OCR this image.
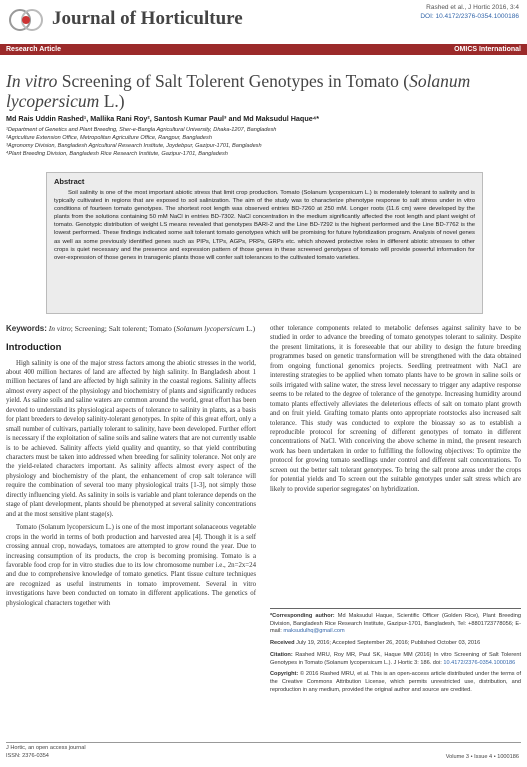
Journal of Horticulture
Rashed et al., J Hortic 2016, 3:4
DOI: 10.4172/2376-0354.1000186
Research Article	OMICS International
In vitro Screening of Salt Tolerent Genotypes in Tomato (Solanum lycopersicum L.)
Md Rais Uddin Rashed¹, Mallika Rani Roy², Santosh Kumar Paul³ and Md Maksudul Haque⁴*
¹Department of Genetics and Plant Breeding, Sher-e-Bangla Agricultural University, Dhaka-1207, Bangladesh
²Agriculture Extension Office, Metropolitan Agriculture Office, Rangpur, Bangladesh
³Agronomy Division, Bangladesh Agricultural Research Institute, Joydebpur, Gazipur-1701, Bangladesh
⁴Plant Breeding Division, Bangladesh Rice Research Institute, Gazipur-1701, Bangladesh
Abstract

Soil salinity is one of the most important abiotic stress that limit crop production. Tomato (Solanum lycopersicum L.) is moderately tolerant to salinity and is typically cultivated in regions that are exposed to soil salinization. The aim of the study was to characterize phenotype response to salt stress under in vitro conditions of fourteen tomato genotypes. The shortest root length was observed entries BD-7260 at 250 mM. Longer roots (11.6 cm) were developed by the plants from the solutions containing 50 mM NaCl in entries BD-7302. NaCl concentration in the medium significantly affected the root length and plant weight of tomato. Genotypic distribution of weight LS means revealed that genotypes BARI-2 and the Line BD-7292 is the highest performed and the Line BD-7762 is the lowest performed. These findings indicated some salt tolerant tomato genotypes which will be promising for future hybridization program. Analysis of novel genes as well as some previously identified genes such as PIPs, LTPs, AGPs, PRPs, GRPs etc. which showed protective roles in different abiotic stresses to other crops is quiet necessary and the presence and expression pattern of those genes in these screened genotypes of tomato will provide powerful information for over-expression of those genes in transgenic plants those will confer salt tolerances to the cultivated tomato varieties.

Keywords: In vitro; Screening; Salt tolerent; Tomato (Solanum lycopersicum L.)
Introduction

High salinity is one of the major stress factors among the abiotic stresses in the world, about 400 million hectares of land are affected by high salinity. In Bangladesh about 1 million hectares of land are affected by high salinity in the coastal regions. Salinity affects almost every aspect of the physiology and biochemistry of plants and significantly reduces yield. As saline soils and saline waters are common around the world, great effort has been devoted to understand its physiological aspects of tolerance to salinity in plants, as a basis for plant breeders to develop salinity-tolerant genotypes. In spite of this great effort, only a small number of cultivars, partially tolerant to salinity, have been developed. Further effort is necessary if the exploitation of saline soils and saline waters that are not currently usable is to be achieved. Salinity affects yield quality and quantity, so that yield contributing characters must be taken into addressed when breeding for salinity tolerance. Not only are the yield-related characters important. As salinity affects almost every aspect of the physiology and biochemistry of the plant, the enhancement of crop salt tolerance will require the combination of several too many physiological traits [1-3], not simply those directly influencing yield. As salinity in soils is variable and plant tolerance depends on the stage of plant development, plants should be phenotyped at several salinity concentrations and at the most sensitive plant stage(s).

Tomato (Solanum lycopersicum L.) is one of the most important solanaceous vegetable crops in the world in terms of both production and harvested area [4]. Though it is a self crossing annual crop, nowadays, tomatoes are attempted to grow round the year. Due to increasing consumption of its products, the crop is becoming promising. Tomato is a favorable food crop for in vitro studies due to its low chromosome number i.e., 2n=2x=24 and due to comprehensive knowledge of tomato genetics. Plant tissue culture techniques are recognized as useful instruments in tomato improvement. Several in vitro investigations have been conducted on tomato in different applications. The genetics of physiological characters together with

other tolerance components related to metabolic defenses against salinity have to be studied in order to advance the breeding of tomato genotypes tolerant to salinity. Despite the present limitations, it is foreseeable that our ability to design the future breeding programmes based on genetic transformation will be strengthened with the data obtained from ongoing functional genomics projects. Seedling pretreatment with NaCl are interesting strategies to be applied when tomato plants have to be grown in saline soils or soils irrigated with saline water, the stress level necessary to trigger any adaptive response seems to be related to the degree of tolerance of the genotype. Increasing humidity around tomato plants effectively alleviates the deleterious effects of salt on tomato plant growth and on fruit yield. Grafting tomato plants onto appropriate rootstocks also increased salt tolerance. This study was conducted to explore the bioassay so as to establish a reproducible protocol for screening of different genotypes of tomato in different concentrations of NaCl. With conceiving the above scheme in mind, the present research work has been undertaken in order to fulfilling the following objectives: To optimize the protocol for growing tomato seedlings under control and different salt concentrations. To screen out the better salt tolerant genotypes. To bring the salt prone areas under the crops for potential yields and To screen out the suitable genotypes under salt stress which are likely to provide superior segregates' on hybridization.

*Corresponding author: Md Maksudul Haque, Scientific Officer (Golden Rice), Plant Breeding Division, Bangladesh Rice Research Institute, Gazipur-1701, Bangladesh, Tel: +8801723778056; E-mail: maksudulhq@gmail.com

Received July 19, 2016; Accepted September 26, 2016; Published October 03, 2016

Citation: Rashed MRU, Roy MR, Paul SK, Haque MM (2016) In vitro Screening of Salt Tolerent Genotypes in Tomato (Solanum lycopersicum L.). J Hortic 3: 186. doi: 10.4172/2376-0354.1000186

Copyright: © 2016 Rashed MRU, et al. This is an open-access article distributed under the terms of the Creative Commons Attribution License, which permits unrestricted use, distribution, and reproduction in any medium, provided the original author and source are credited.

J Hortic, an open access journal
ISSN: 2376-0354	Volume 3 • Issue 4 • 1000186
